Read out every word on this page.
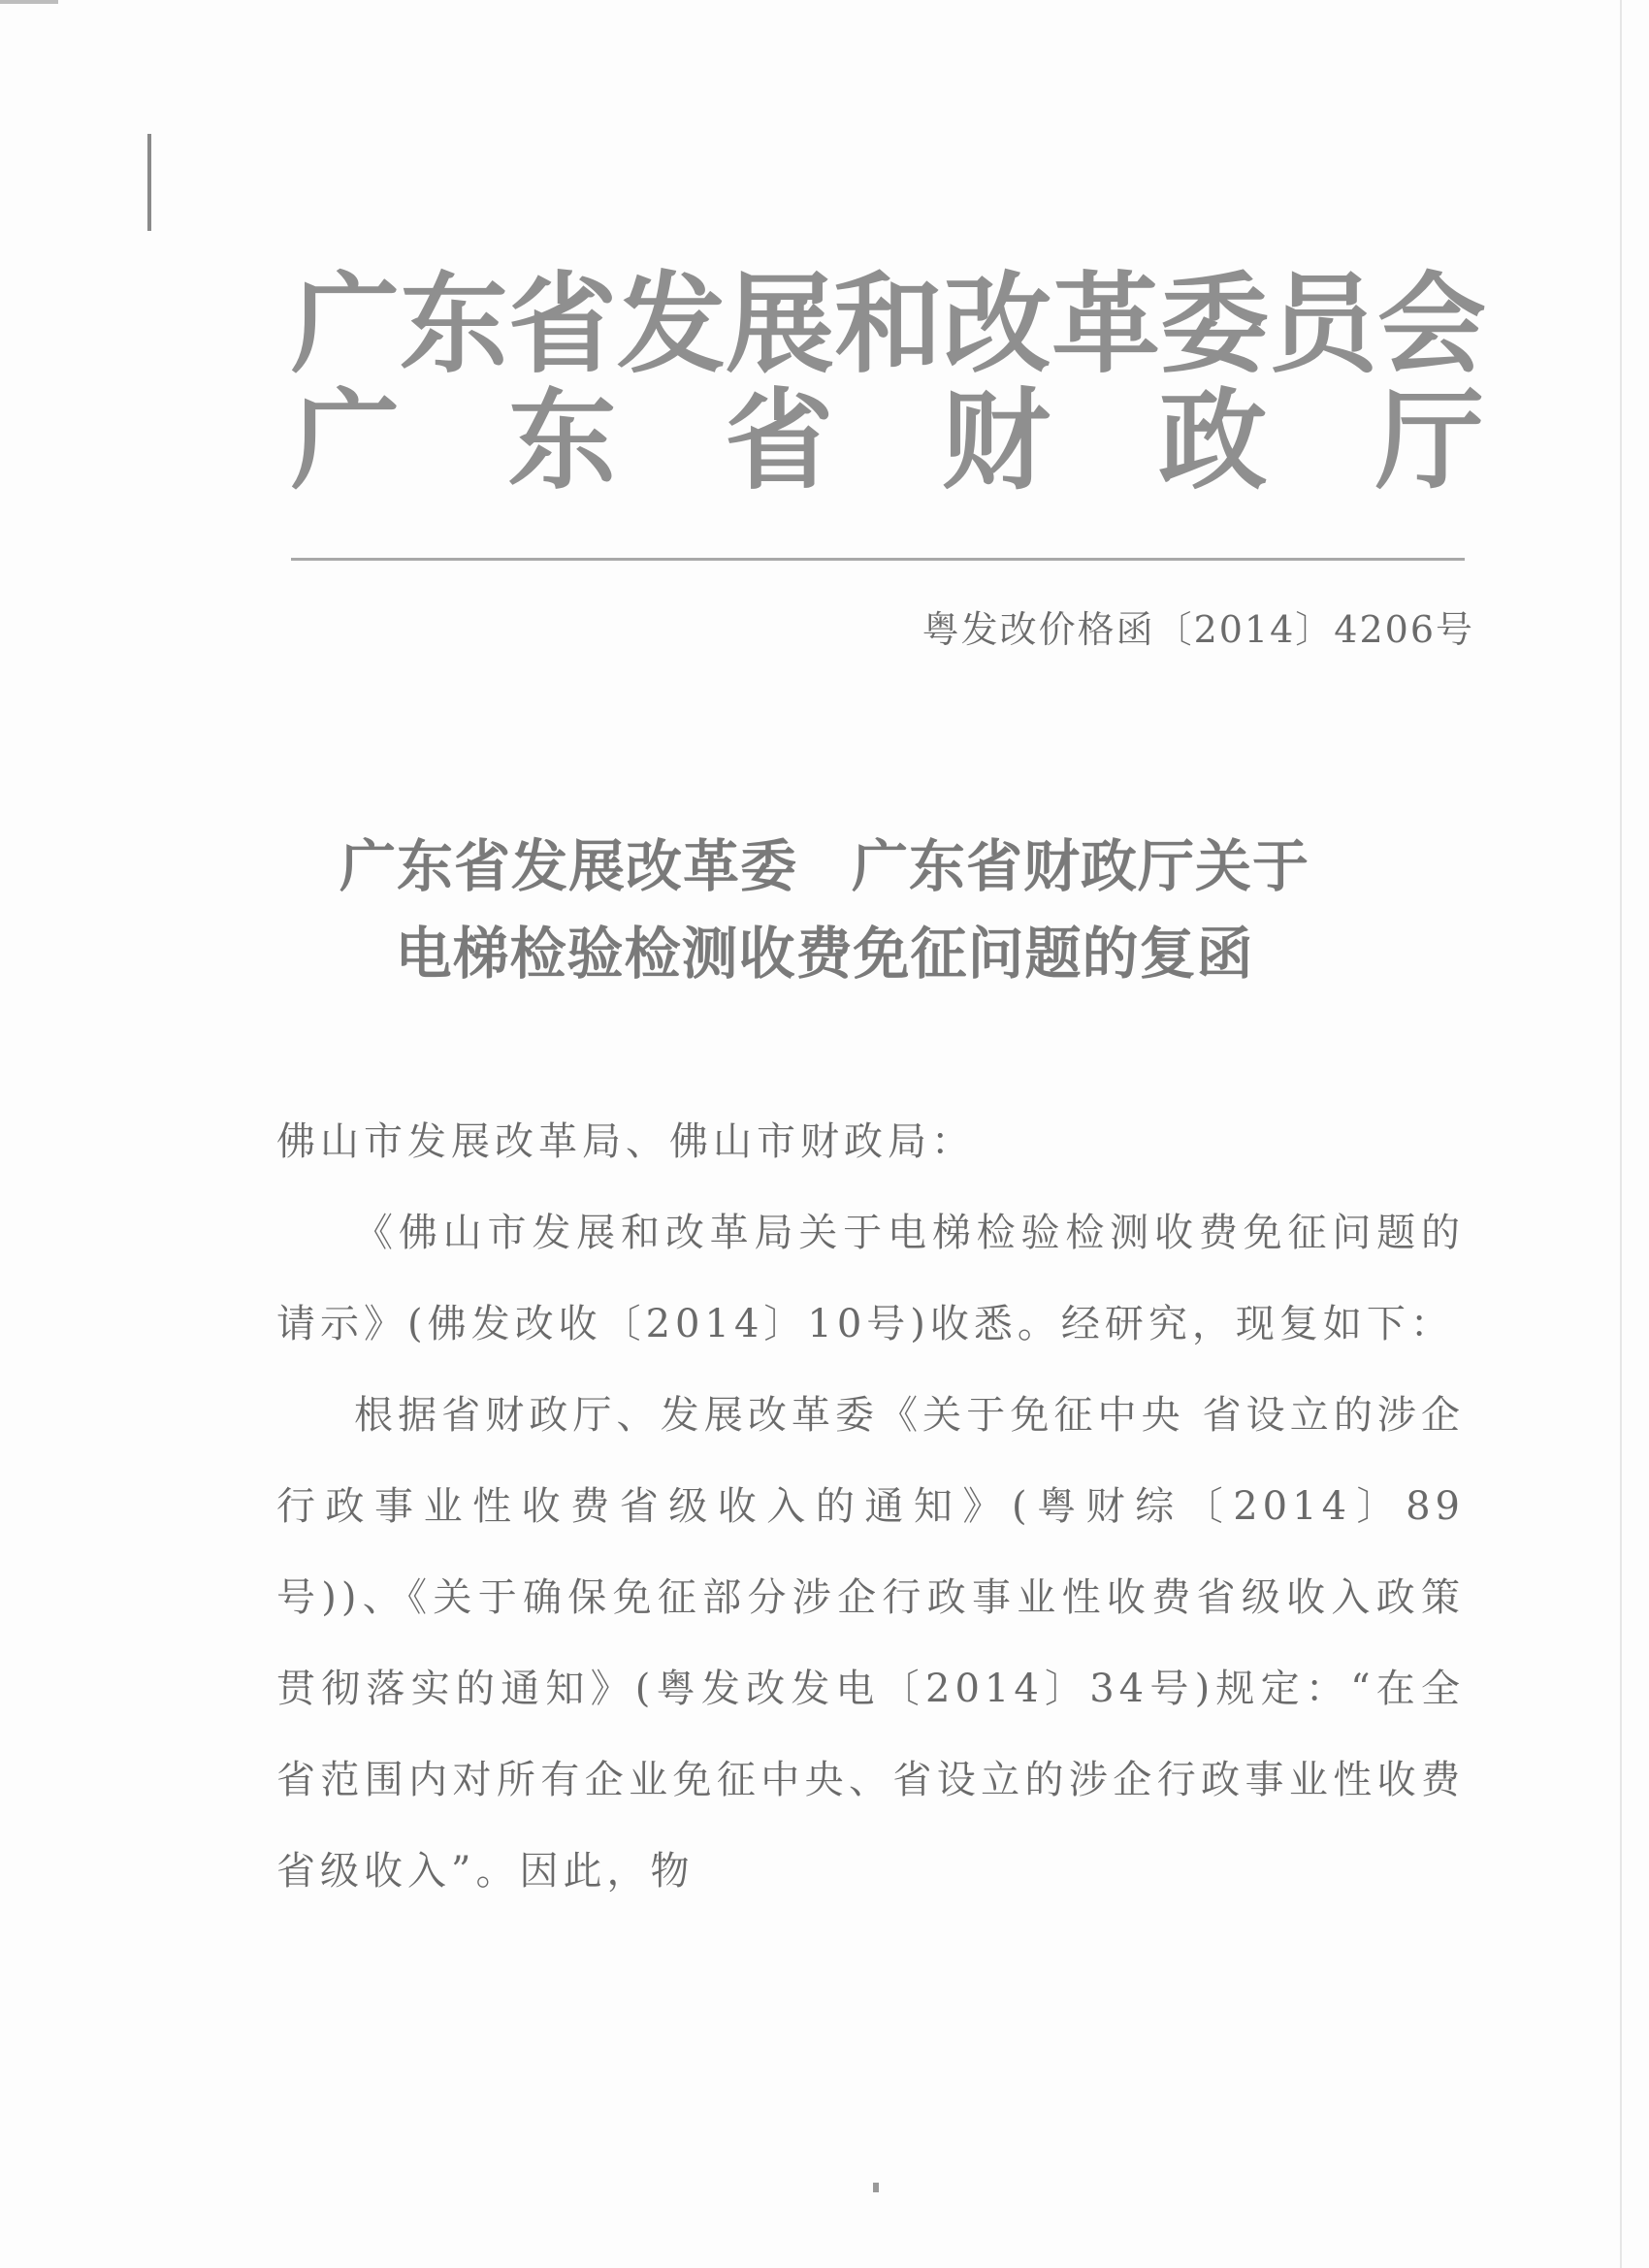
广 东 省 发 展 和 改 革 委 员 会
广 东 省 财 政 厅
粤发改价格函〔2014〕4206号
广东省发展改革委 广东省财政厅关于
电梯检验检测收费免征问题的复函
佛山市发展改革局、佛山市财政局：
《佛山市发展和改革局关于电梯检验检测收费免征问题的请示》(佛发改收〔2014〕10号)收悉。经研究，现复如下：
根据省财政厅、发展改革委《关于免征中央 省设立的涉企行政事业性收费省级收入的通知》(粤财综〔2014〕89号))、《关于确保免征部分涉企行政事业性收费省级收入政策贯彻落实的通知》(粤发改发电〔2014〕34号)规定：“在全省范围内对所有企业免征中央、省设立的涉企行政事业性收费省级收入”。因此，物
